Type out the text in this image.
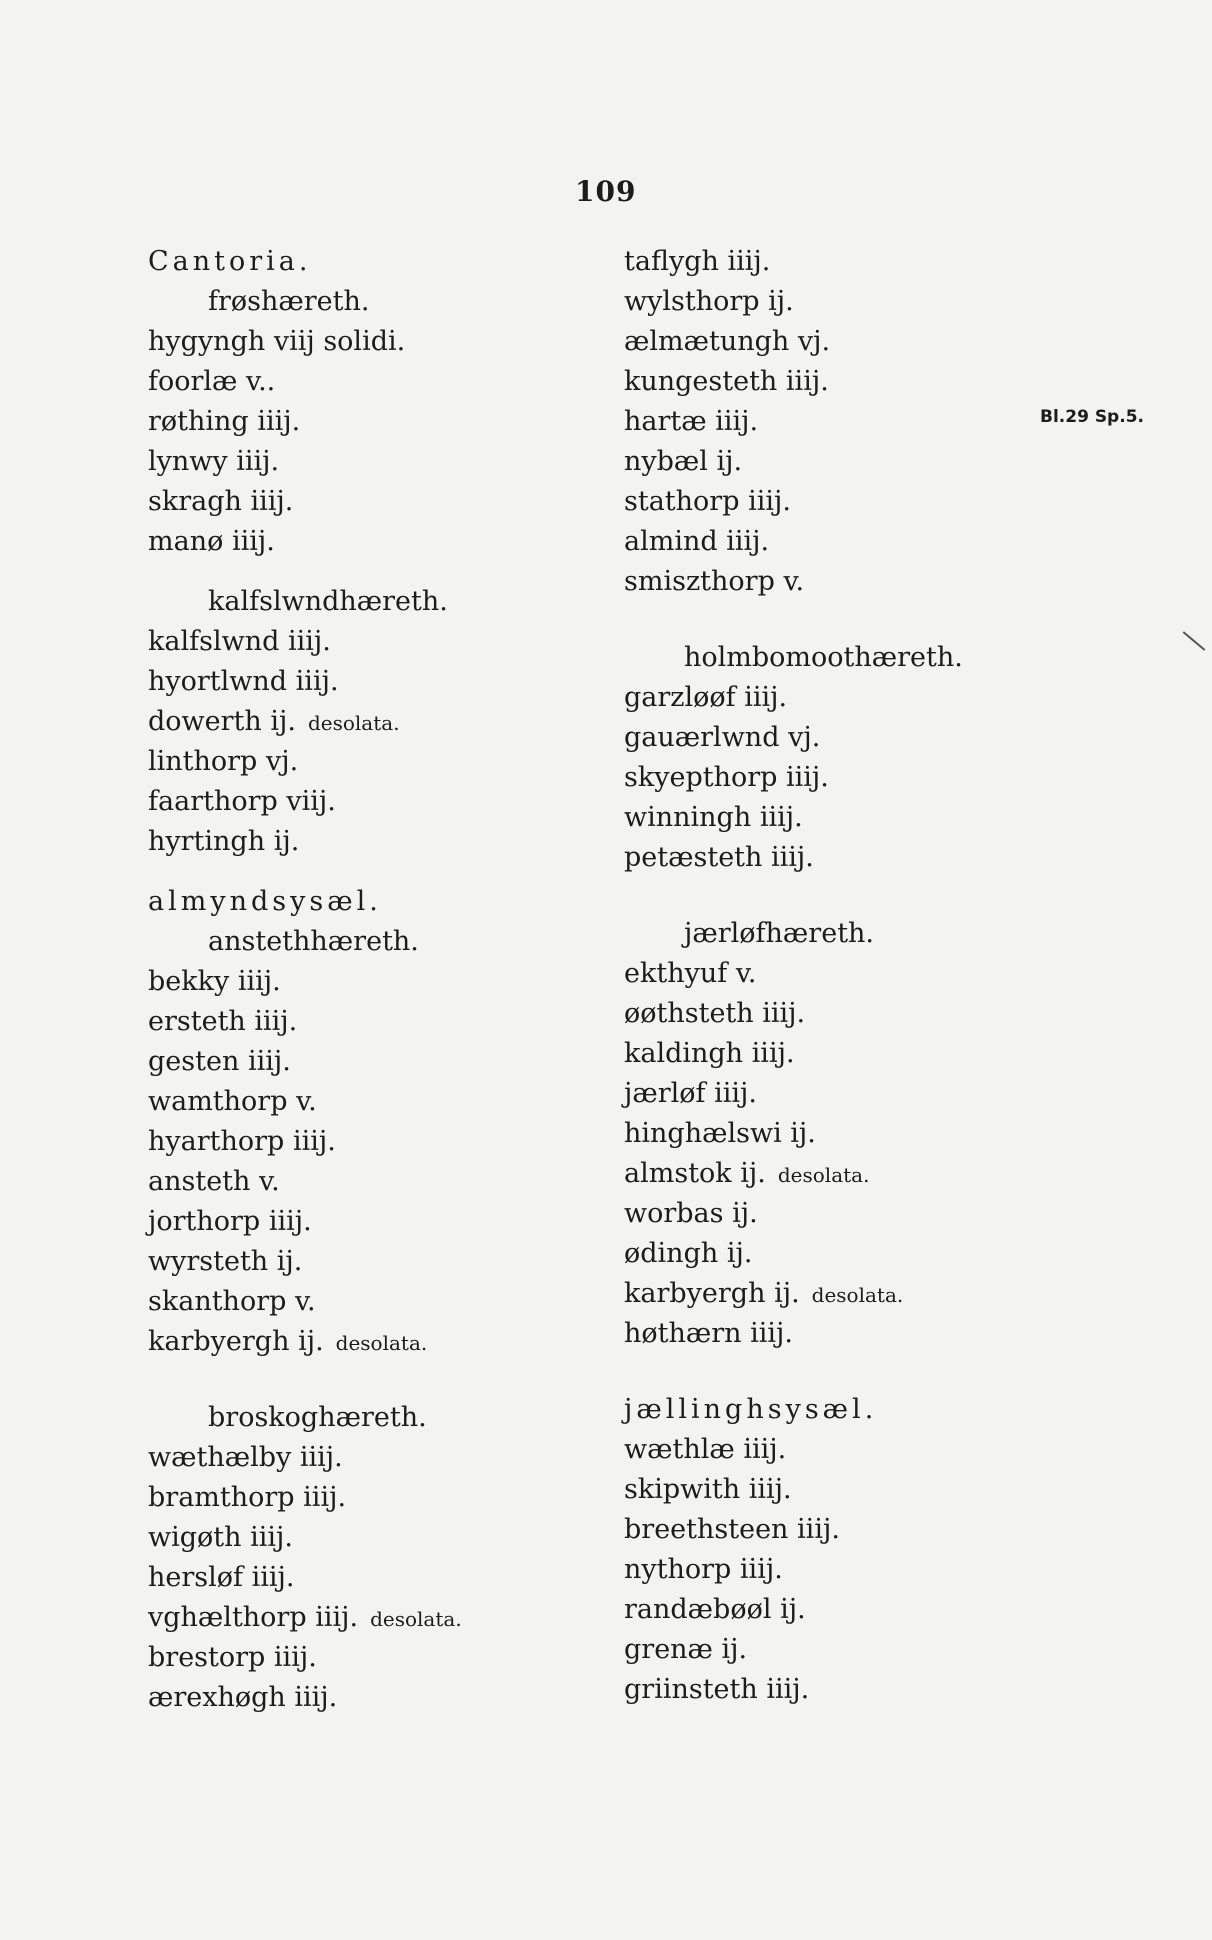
109
Bl.29 Sp.5.
Cantoria.
frøshæreth.
hygyngh viij solidi.
foorlæ v..
røthing iiij.
lynwy iiij.
skragh iiij.
manø iiij.
kalfslwndhæreth.
kalfslwnd iiij.
hyortlwnd iiij.
dowerth ij. desolata.
linthorp vj.
faarthorp viij.
hyrtingh ij.
almyndsysæl.
anstethhæreth.
bekky iiij.
ersteth iiij.
gesten iiij.
wamthorp v.
hyarthorp iiij.
ansteth v.
jorthorp iiij.
wyrsteth ij.
skanthorp v.
karbyergh ij. desolata.
broskoghæreth.
wæthælby iiij.
bramthorp iiij.
wigøth iiij.
hersløf iiij.
vghælthorp iiij. desolata.
brestorp iiij.
ærexhøgh iiij.
taflygh iiij.
wylsthorp ij.
ælmætungh vj.
kungesteth iiij.
hartæ iiij.
nybæl ij.
stathorp iiij.
almind iiij.
smiszthorp v.
holmbomoothæreth.
garzløøf iiij.
gauærlwnd vj.
skyepthorp iiij.
winningh iiij.
petæsteth iiij.
jærløfhæreth.
ekthyuf v.
øøthsteth iiij.
kaldingh iiij.
jærløf iiij.
hinghælswi ij.
almstok ij. desolata.
worbas ij.
ødingh ij.
karbyergh ij. desolata.
høthærn iiij.
jællinghsysæl.
wæthlæ iiij.
skipwith iiij.
breethsteen iiij.
nythorp iiij.
randæbøøl ij.
grenæ ij.
griinsteth iiij.
